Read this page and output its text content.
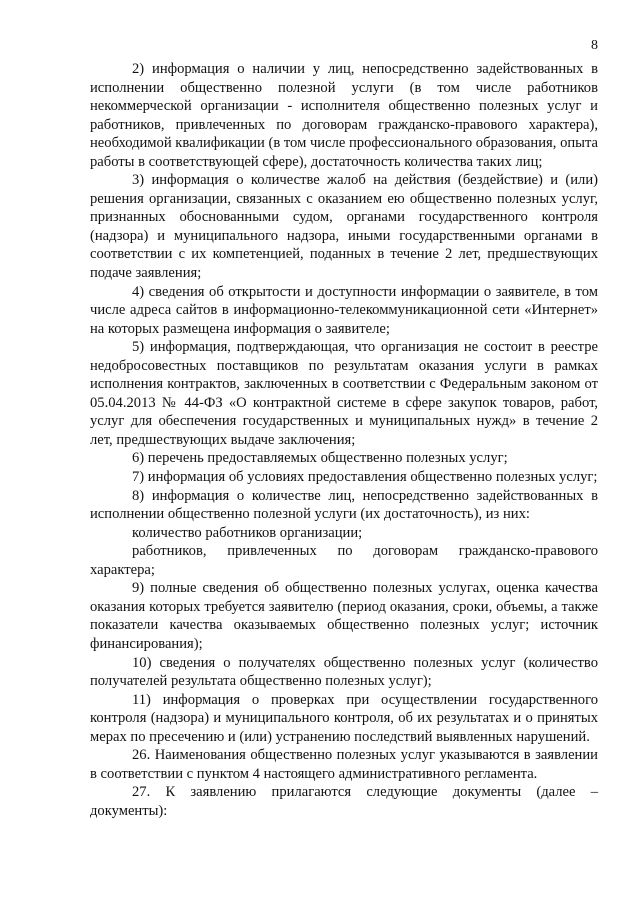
8

2) информация о наличии у лиц, непосредственно задействованных в исполнении общественно полезной услуги (в том числе работников некоммерческой организации - исполнителя общественно полезных услуг и работников, привлеченных по договорам гражданско-правового характера), необходимой квалификации (в том числе профессионального образования, опыта работы в соответствующей сфере), достаточность количества таких лиц;

3) информация о количестве жалоб на действия (бездействие) и (или) решения организации, связанных с оказанием ею общественно полезных услуг, признанных обоснованными судом, органами государственного контроля (надзора) и муниципального надзора, иными государственными органами в соответствии с их компетенцией, поданных в течение 2 лет, предшествующих подаче заявления;

4) сведения об открытости и доступности информации о заявителе, в том числе адреса сайтов в информационно-телекоммуникационной сети «Интернет» на которых размещена информация о заявителе;

5) информация, подтверждающая, что организация не состоит в реестре недобросовестных поставщиков по результатам оказания услуги в рамках исполнения контрактов, заключенных в соответствии с Федеральным законом от 05.04.2013 № 44-ФЗ «О контрактной системе в сфере закупок товаров, работ, услуг для обеспечения государственных и муниципальных нужд» в течение 2 лет, предшествующих выдаче заключения;

6) перечень предоставляемых общественно полезных услуг;

7) информация об условиях предоставления общественно полезных услуг;

8) информация о количестве лиц, непосредственно задействованных в исполнении общественно полезной услуги (их достаточность), из них:

количество работников организации;

работников, привлеченных по договорам гражданско-правового характера;

9) полные сведения об общественно полезных услугах, оценка качества оказания которых требуется заявителю (период оказания, сроки, объемы, а также показатели качества оказываемых общественно полезных услуг; источник финансирования);

10) сведения о получателях общественно полезных услуг (количество получателей результата общественно полезных услуг);

11) информация о проверках при осуществлении государственного контроля (надзора) и муниципального контроля, об их результатах и о принятых мерах по пресечению и (или) устранению последствий выявленных нарушений.

26. Наименования общественно полезных услуг указываются в заявлении в соответствии с пунктом 4 настоящего административного регламента.

27. К заявлению прилагаются следующие документы (далее – документы):
